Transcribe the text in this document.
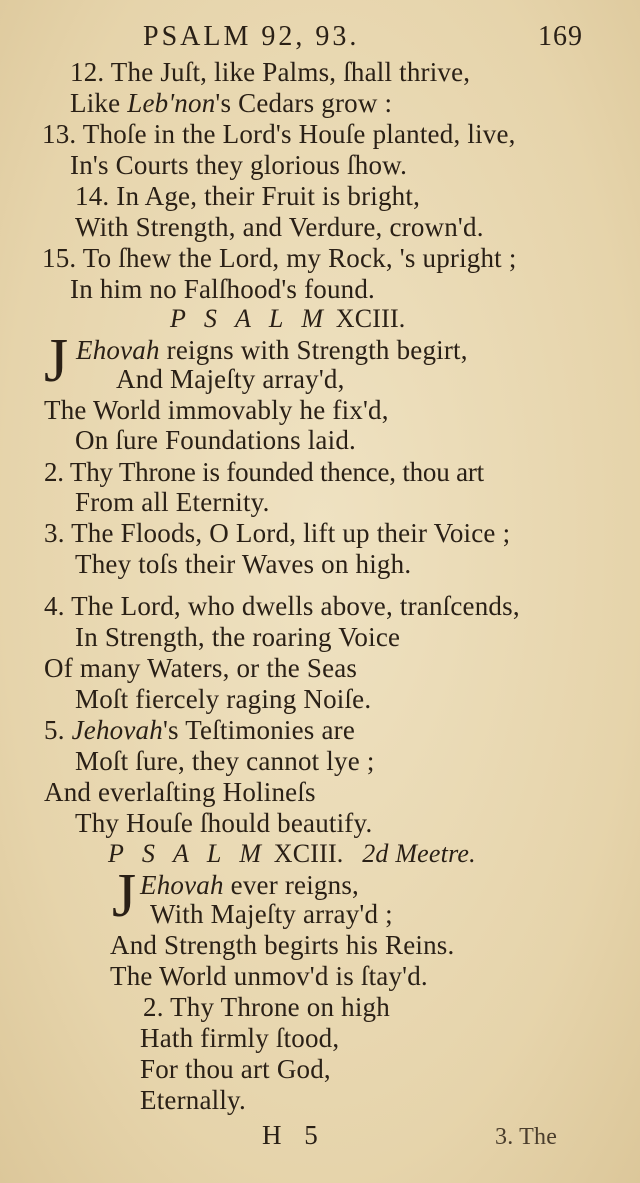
PSALM 92, 93.	169
12. The Juſt, like Palms, ſhall thrive,
Like Leb'non's Cedars grow :
13. Thoſe in the Lord's Houſe planted, live,
In's Courts they glorious ſhow.
14. In Age, their Fruit is bright,
With Strength, and Verdure, crown'd.
15. To ſhew the Lord, my Rock, 's upright ;
In him no Falſhood's found.
P S A L M XCIII.
J Ehovah reigns with Strength begirt,
And Majeſty array'd,
The World immovably he fix'd,
On ſure Foundations laid.
2. Thy Throne is founded thence, thou art
From all Eternity.
3. The Floods, O Lord, lift up their Voice ;
They toſs their Waves on high.
4. The Lord, who dwells above, tranſcends,
In Strength, the roaring Voice
Of many Waters, or the Seas
Moſt fiercely raging Noiſe.
5. Jehovah's Teſtimonies are
Moſt ſure, they cannot lye ;
And everlaſting Holineſs
Thy Houſe ſhould beautify.
P S A L M XCIII. 2d Meetre.
J Ehovah ever reigns,
With Majeſty array'd ;
And Strength begirts his Reins.
The World unmov'd is ſtay'd.
2. Thy Throne on high
Hath firmly ſtood,
For thou art God,
Eternally.
H 5	3. The
